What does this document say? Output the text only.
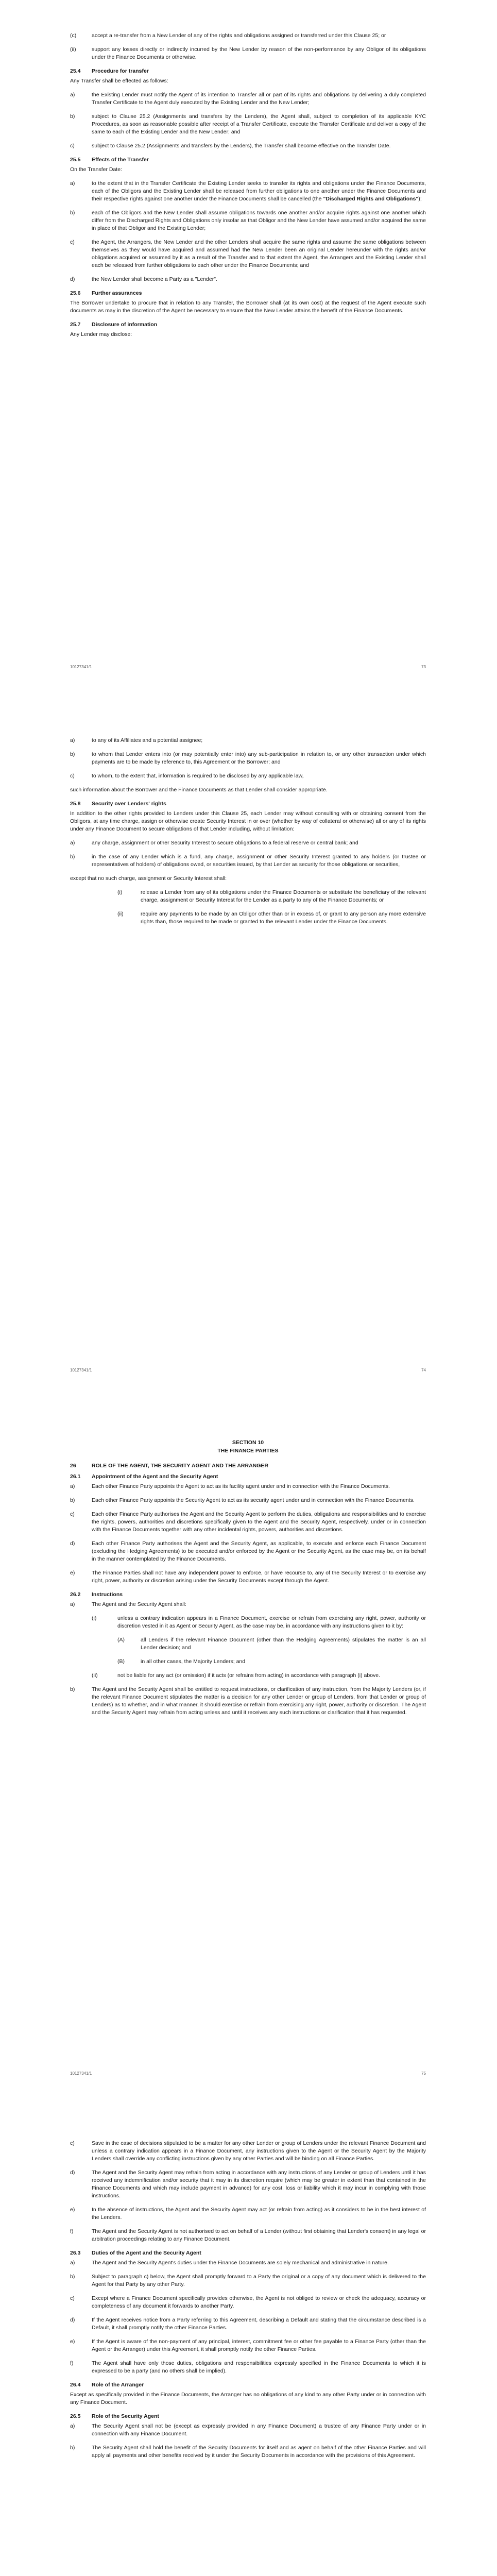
(c)	accept a re-transfer from a New Lender of any of the rights and obligations assigned or transferred under this Clause 25; or
(ii)	support any losses directly or indirectly incurred by the New Lender by reason of the non-performance by any Obligor of its obligations under the Finance Documents or otherwise.
25.4	Procedure for transfer

Any Transfer shall be effected as follows:

a)	the Existing Lender must notify the Agent of its intention to Transfer all or part of its rights and obligations by delivering a duly completed Transfer Certificate to the Agent duly executed by the Existing Lender and the New Lender;
b)	subject to Clause 25.2 (Assignments and transfers by the Lenders), the Agent shall, subject to completion of its applicable KYC Procedures, as soon as reasonable possible after receipt of a Transfer Certificate, execute the Transfer Certificate and deliver a copy of the same to each of the Existing Lender and the New Lender; and
c)	subject to Clause 25.2 (Assignments and transfers by the Lenders), the Transfer shall become effective on the Transfer Date.
25.5	Effects of the Transfer

On the Transfer Date:

a)	to the extent that in the Transfer Certificate the Existing Lender seeks to transfer its rights and obligations under the Finance Documents, each of the Obligors and the Existing Lender shall be released from further obligations to one another under the Finance Documents and their respective rights against one another under the Finance Documents shall be cancelled (the "Discharged Rights and Obligations");
b)	each of the Obligors and the New Lender shall assume obligations towards one another and/or acquire rights against one another which differ from the Discharged Rights and Obligations only insofar as that Obligor and the New Lender have assumed and/or acquired the same in place of that Obligor and the Existing Lender;
c)	the Agent, the Arrangers, the New Lender and the other Lenders shall acquire the same rights and assume the same obligations between themselves as they would have acquired and assumed had the New Lender been an original Lender hereunder with the rights and/or obligations acquired or assumed by it as a result of the Transfer and to that extent the Agent, the Arrangers and the Existing Lender shall each be released from further obligations to each other under the Finance Documents; and
d)	the New Lender shall become a Party as a "Lender".
25.6	Further assurances

The Borrower undertake to procure that in relation to any Transfer, the Borrower shall (at its own cost) at the request of the Agent execute such documents as may in the discretion of the Agent be necessary to ensure that the New Lender attains the benefit of the Finance Documents.

25.7	Disclosure of information

Any Lender may disclose:

10127341/1	73
a)	to any of its Affiliates and a potential assignee;
b)	to whom that Lender enters into (or may potentially enter into) any sub-participation in relation to, or any other transaction under which payments are to be made by reference to, this Agreement or the Borrower; and
c)	to whom, to the extent that, information is required to be disclosed by any applicable law,

such information about the Borrower and the Finance Documents as that Lender shall consider appropriate.

25.8	Security over Lenders' rights

In addition to the other rights provided to Lenders under this Clause 25, each Lender may without consulting with or obtaining consent from the Obligors, at any time charge, assign or otherwise create Security Interest in or over (whether by way of collateral or otherwise) all or any of its rights under any Finance Document to secure obligations of that Lender including, without limitation:

a)	any charge, assignment or other Security Interest to secure obligations to a federal reserve or central bank; and
b)	in the case of any Lender which is a fund, any charge, assignment or other Security Interest granted to any holders (or trustee or representatives of holders) of obligations owed, or securities issued, by that Lender as security for those obligations or securities,

except that no such charge, assignment or Security Interest shall:

(i)	release a Lender from any of its obligations under the Finance Documents or substitute the beneficiary of the relevant charge, assignment or Security Interest for the Lender as a party to any of the Finance Documents; or
(ii)	require any payments to be made by an Obligor other than or in excess of, or grant to any person any more extensive rights than, those required to be made or granted to the relevant Lender under the Finance Documents.
10127341/1	74

SECTION 10

THE FINANCE PARTIES

26	ROLE OF THE AGENT, THE SECURITY AGENT AND THE ARRANGER
26.1	Appointment of the Agent and the Security Agent
a)	Each other Finance Party appoints the Agent to act as its facility agent under and in connection with the Finance Documents.
b)	Each other Finance Party appoints the Security Agent to act as its security agent under and in connection with the Finance Documents.
c)	Each other Finance Party authorises the Agent and the Security Agent to perform the duties, obligations and responsibilities and to exercise the rights, powers, authorities and discretions specifically given to the Agent and the Security Agent, respectively, under or in connection with the Finance Documents together with any other incidental rights, powers, authorities and discretions.
d)	Each other Finance Party authorises the Agent and the Security Agent, as applicable, to execute and enforce each Finance Document (excluding the Hedging Agreements) to be executed and/or enforced by the Agent or the Security Agent, as the case may be, on its behalf in the manner contemplated by the Finance Documents.
e)	The Finance Parties shall not have any independent power to enforce, or have recourse to, any of the Security Interest or to exercise any right, power, authority or discretion arising under the Security Documents except through the Agent.
26.2	Instructions
a)	The Agent and the Security Agent shall:
(i)	unless a contrary indication appears in a Finance Document, exercise or refrain from exercising any right, power, authority or discretion vested in it as Agent or Security Agent, as the case may be, in accordance with any instructions given to it by:
(A)	all Lenders if the relevant Finance Document (other than the Hedging Agreements) stipulates the matter is an all Lender decision; and
(B)	in all other cases, the Majority Lenders; and
(ii)	not be liable for any act (or omission) if it acts (or refrains from acting) in accordance with paragraph (i) above.
b)	The Agent and the Security Agent shall be entitled to request instructions, or clarification of any instruction, from the Majority Lenders (or, if the relevant Finance Document stipulates the matter is a decision for any other Lender or group of Lenders, from that Lender or group of Lenders) as to whether, and in what manner, it should exercise or refrain from exercising any right, power, authority or discretion. The Agent and the Security Agent may refrain from acting unless and until it receives any such instructions or clarification that it has requested.
10127341/1	75
c)	Save in the case of decisions stipulated to be a matter for any other Lender or group of Lenders under the relevant Finance Document and unless a contrary indication appears in a Finance Document, any instructions given to the Agent or the Security Agent by the Majority Lenders shall override any conflicting instructions given by any other Parties and will be binding on all Finance Parties.
d)	The Agent and the Security Agent may refrain from acting in accordance with any instructions of any Lender or group of Lenders until it has received any indemnification and/or security that it may in its discretion require (which may be greater in extent than that contained in the Finance Documents and which may include payment in advance) for any cost, loss or liability which it may incur in complying with those instructions.
e)	In the absence of instructions, the Agent and the Security Agent may act (or refrain from acting) as it considers to be in the best interest of the Lenders.
f)	The Agent and the Security Agent is not authorised to act on behalf of a Lender (without first obtaining that Lender's consent) in any legal or arbitration proceedings relating to any Finance Document.
26.3	Duties of the Agent and the Security Agent
a)	The Agent and the Security Agent's duties under the Finance Documents are solely mechanical and administrative in nature.
b)	Subject to paragraph c) below, the Agent shall promptly forward to a Party the original or a copy of any document which is delivered to the Agent for that Party by any other Party.
c)	Except where a Finance Document specifically provides otherwise, the Agent is not obliged to review or check the adequacy, accuracy or completeness of any document it forwards to another Party.
d)	If the Agent receives notice from a Party referring to this Agreement, describing a Default and stating that the circumstance described is a Default, it shall promptly notify the other Finance Parties.
e)	If the Agent is aware of the non-payment of any principal, interest, commitment fee or other fee payable to a Finance Party (other than the Agent or the Arranger) under this Agreement, it shall promptly notify the other Finance Parties.
f)	The Agent shall have only those duties, obligations and responsibilities expressly specified in the Finance Documents to which it is expressed to be a party (and no others shall be implied).
26.4	Role of the Arranger

Except as specifically provided in the Finance Documents, the Arranger has no obligations of any kind to any other Party under or in connection with any Finance Document.

26.5	Role of the Security Agent
a)	The Security Agent shall not be (except as expressly provided in any Finance Document) a trustee of any Finance Party under or in connection with any Finance Document.
b)	The Security Agent shall hold the benefit of the Security Documents for itself and as agent on behalf of the other Finance Parties and will apply all payments and other benefits received by it under the Security Documents in accordance with the provisions of this Agreement.
